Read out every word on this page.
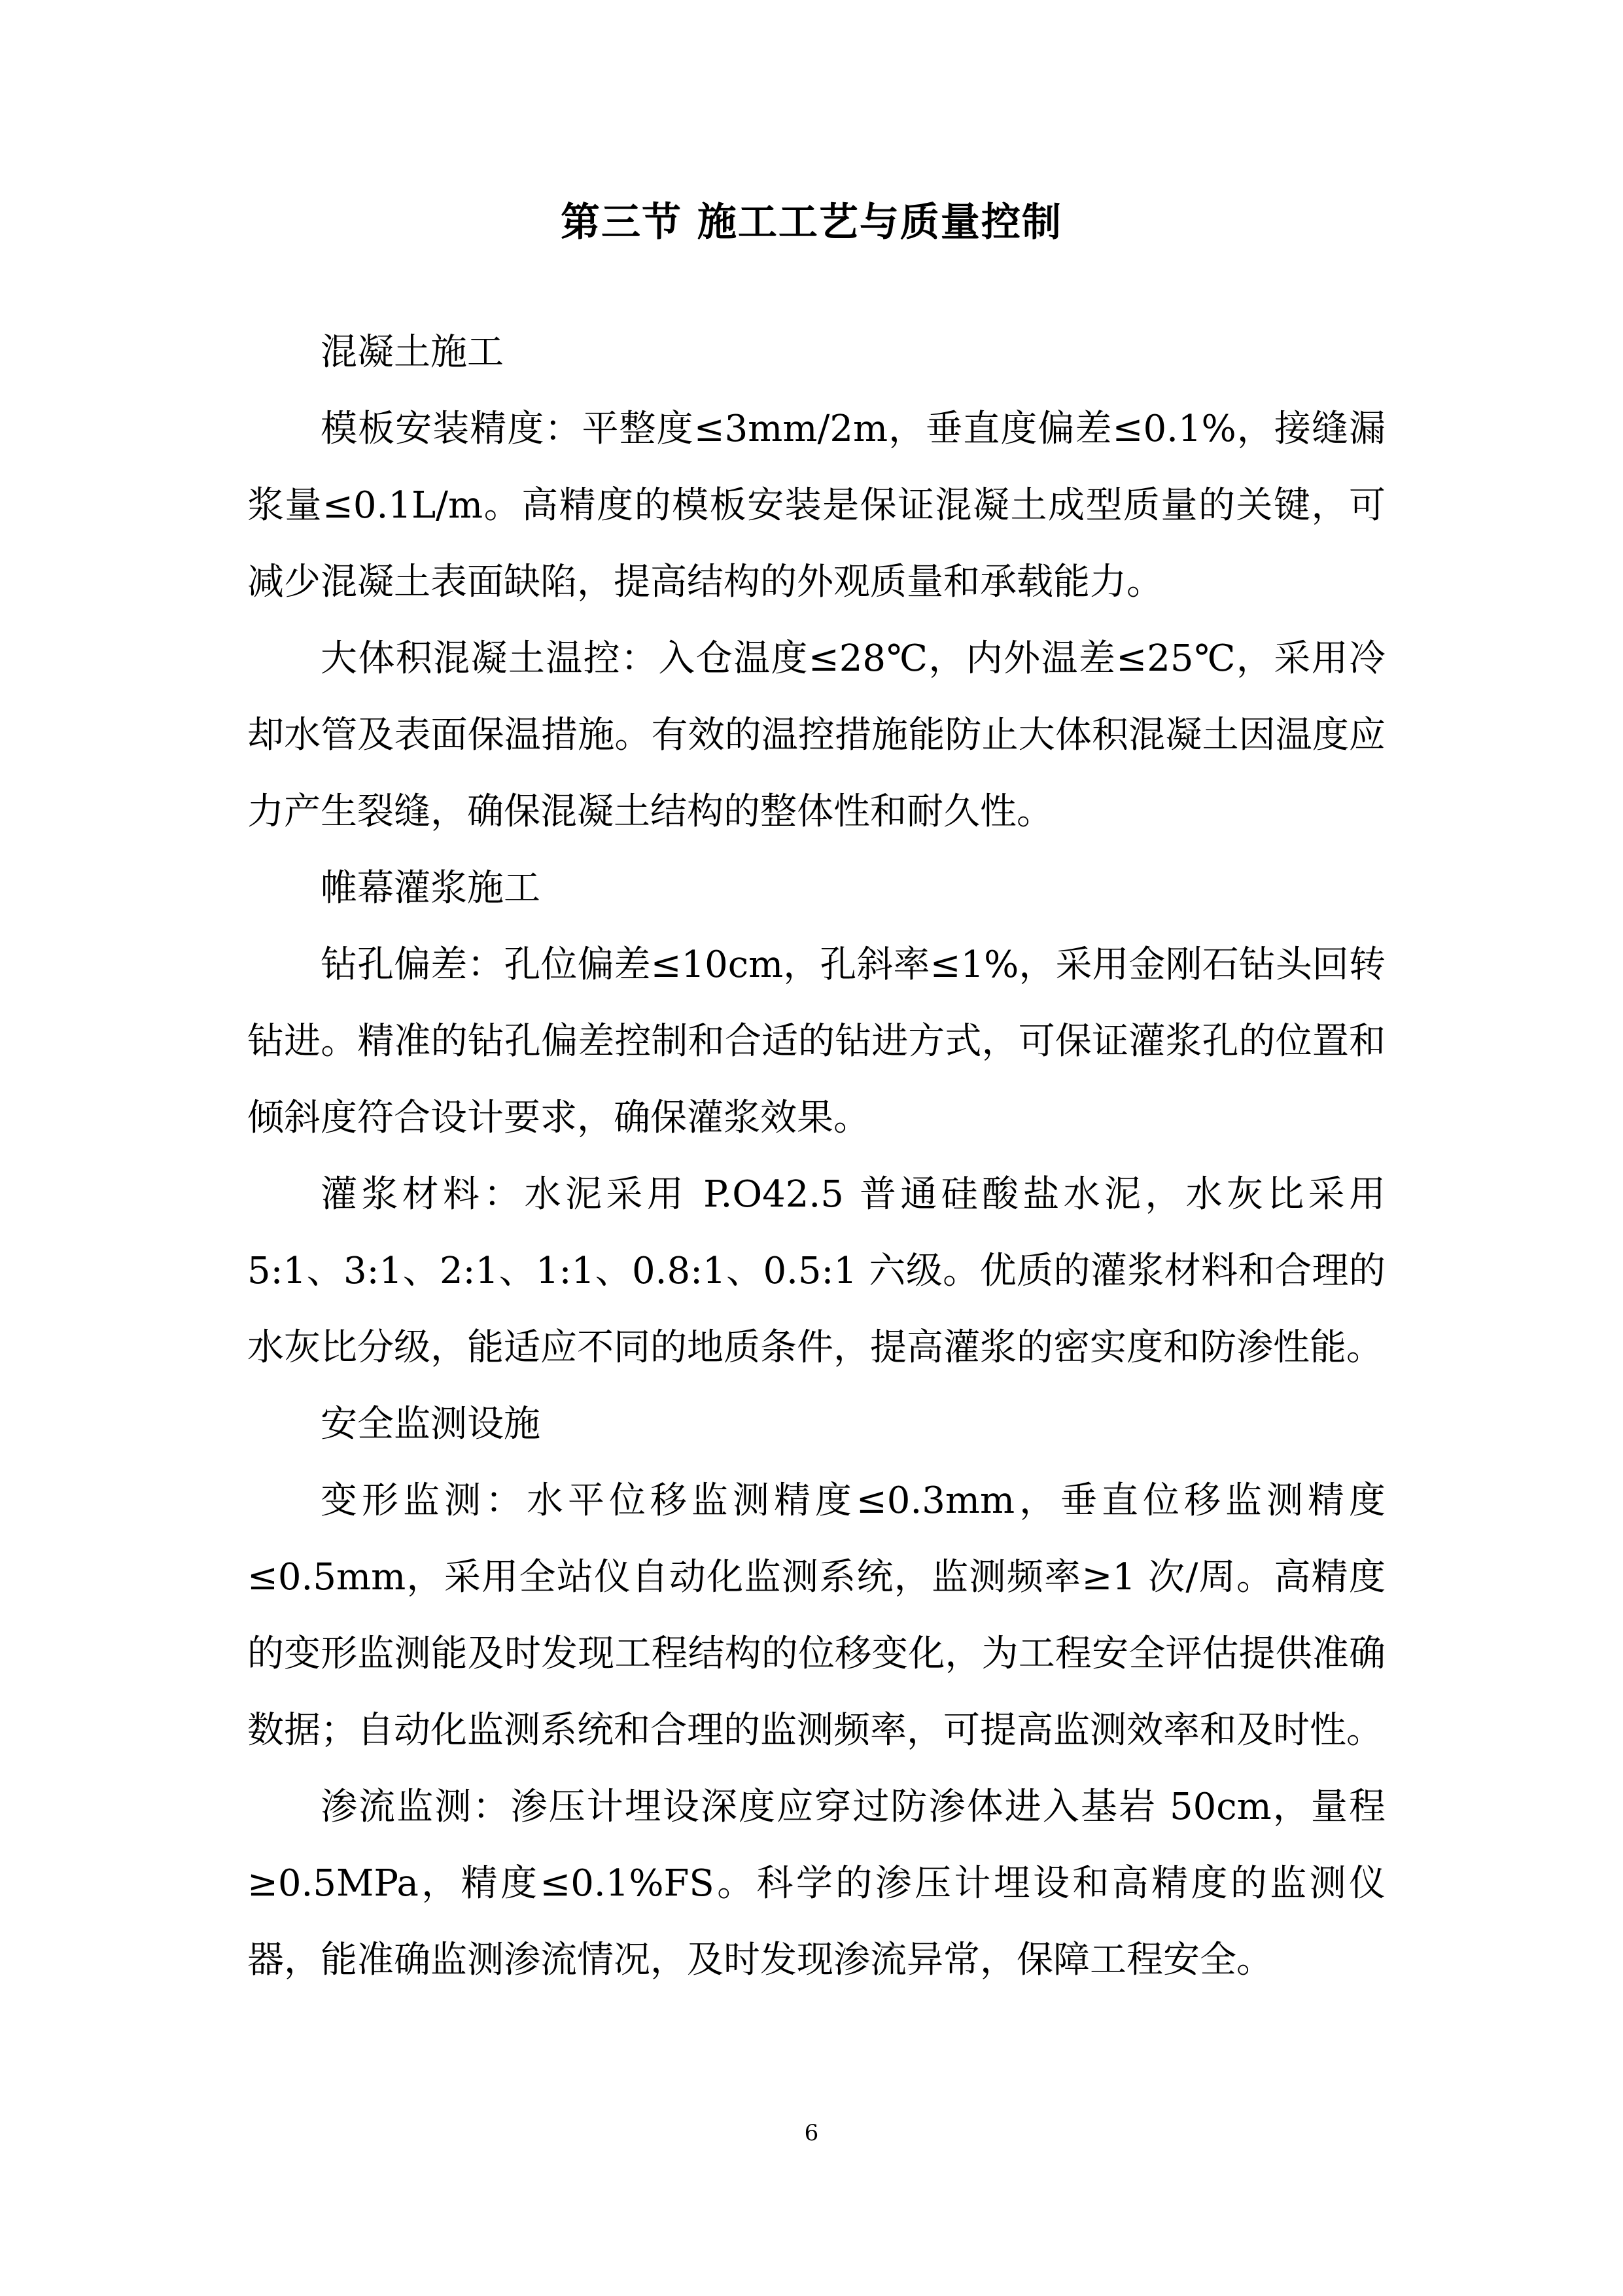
第三节 施工工艺与质量控制

混凝土施工

模板安装精度：平整度≤3mm/2m，垂直度偏差≤0.1%，接缝漏浆量≤0.1L/m。高精度的模板安装是保证混凝土成型质量的关键，可减少混凝土表面缺陷，提高结构的外观质量和承载能力。

大体积混凝土温控：入仓温度≤28℃，内外温差≤25℃，采用冷却水管及表面保温措施。有效的温控措施能防止大体积混凝土因温度应力产生裂缝，确保混凝土结构的整体性和耐久性。

帷幕灌浆施工

钻孔偏差：孔位偏差≤10cm，孔斜率≤1%，采用金刚石钻头回转钻进。精准的钻孔偏差控制和合适的钻进方式，可保证灌浆孔的位置和倾斜度符合设计要求，确保灌浆效果。

灌浆材料：水泥采用 P.O42.5 普通硅酸盐水泥，水灰比采用 5:1、3:1、2:1、1:1、0.8:1、0.5:1 六级。优质的灌浆材料和合理的水灰比分级，能适应不同的地质条件，提高灌浆的密实度和防渗性能。

安全监测设施

变形监测：水平位移监测精度≤0.3mm，垂直位移监测精度≤0.5mm，采用全站仪自动化监测系统，监测频率≥1 次/周。高精度的变形监测能及时发现工程结构的位移变化，为工程安全评估提供准确数据；自动化监测系统和合理的监测频率，可提高监测效率和及时性。

渗流监测：渗压计埋设深度应穿过防渗体进入基岩 50cm，量程≥0.5MPa，精度≤0.1%FS。科学的渗压计埋设和高精度的监测仪器，能准确监测渗流情况，及时发现渗流异常，保障工程安全。

6
